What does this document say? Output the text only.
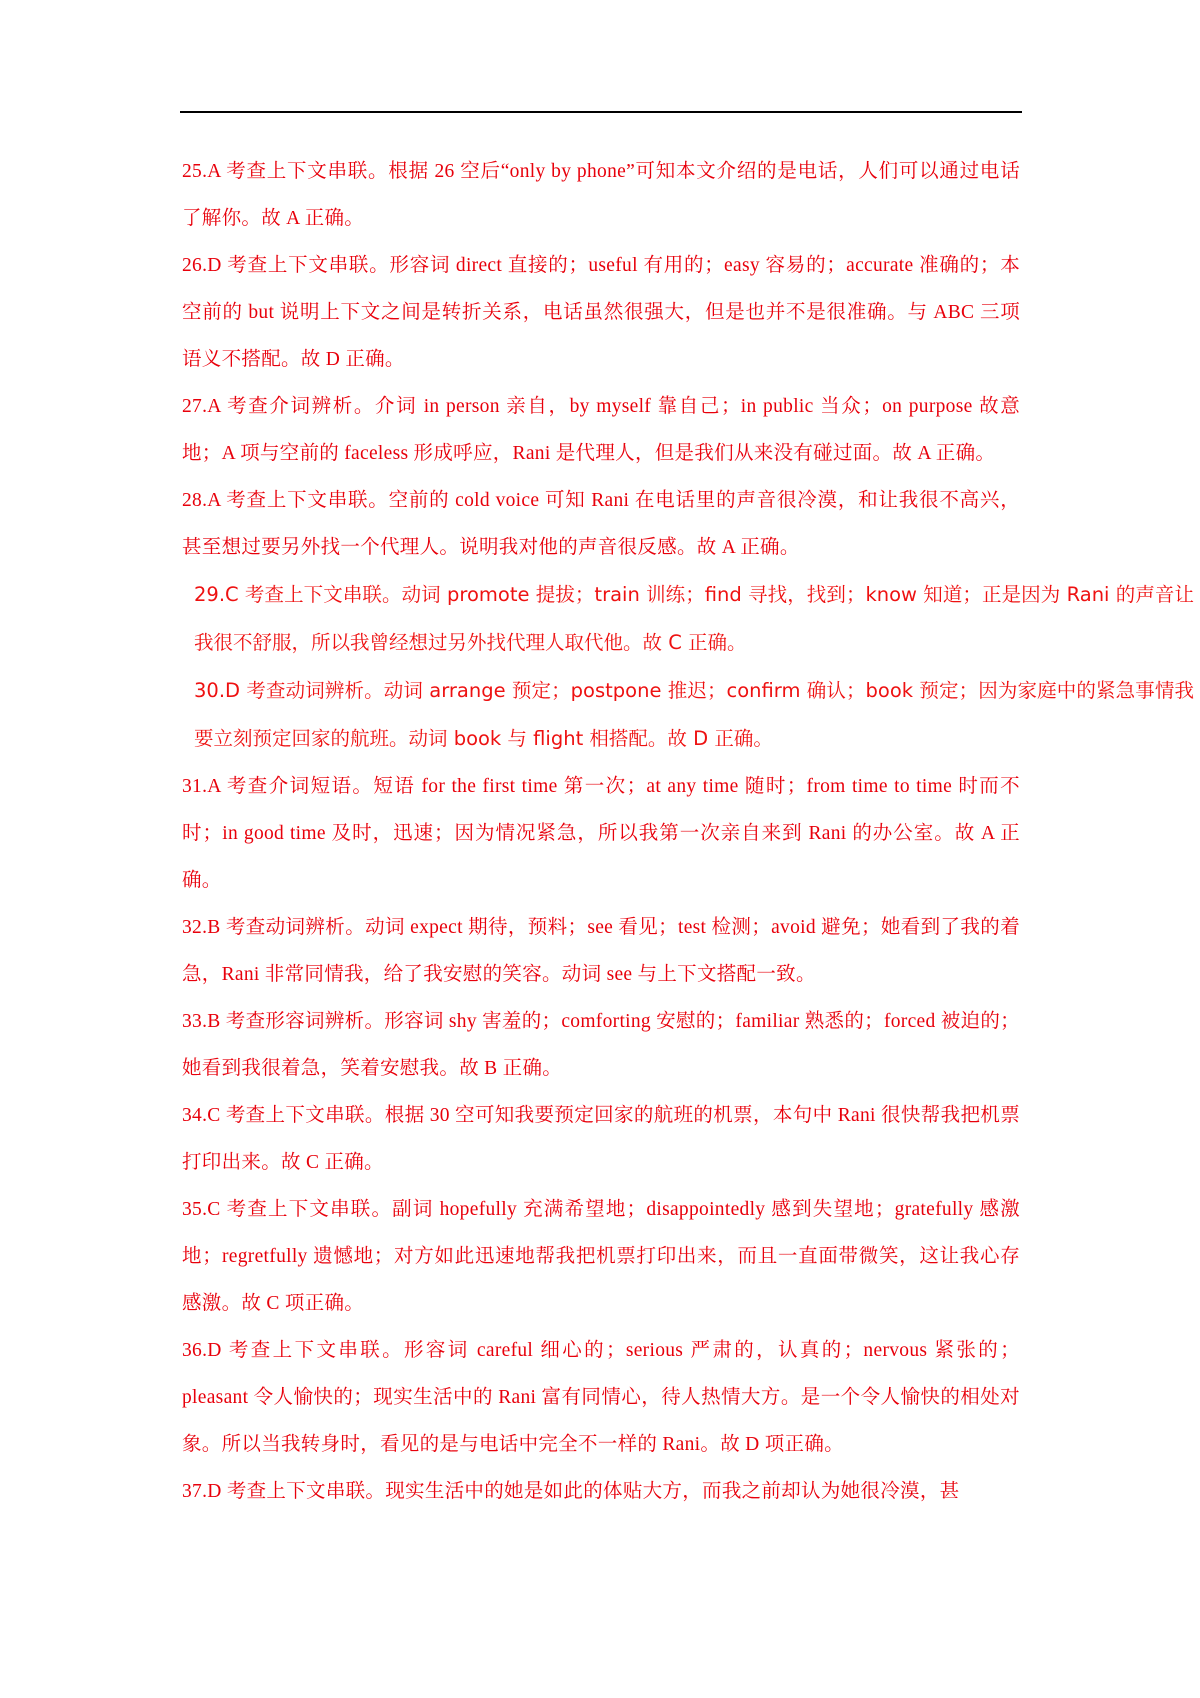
25.A 考查上下文串联。根据 26 空后“only by phone”可知本文介绍的是电话，人们可以通过电话了解你。故 A 正确。

26.D 考查上下文串联。形容词 direct 直接的；useful 有用的；easy 容易的；accurate 准确的；本空前的 but 说明上下文之间是转折关系，电话虽然很强大，但是也并不是很准确。与 ABC 三项语义不搭配。故 D 正确。

27.A 考查介词辨析。介词 in person 亲自，by myself 靠自己；in public 当众；on purpose 故意地；A 项与空前的 faceless 形成呼应，Rani 是代理人，但是我们从来没有碰过面。故 A 正确。

28.A 考查上下文串联。空前的 cold voice 可知 Rani 在电话里的声音很冷漠，和让我很不高兴，甚至想过要另外找一个代理人。说明我对他的声音很反感。故 A 正确。

29.C 考查上下文串联。动词 promote 提拔；train 训练；find 寻找，找到；know 知道；正是因为 Rani 的声音让我很不舒服，所以我曾经想过另外找代理人取代他。故 C 正确。

30.D 考查动词辨析。动词 arrange 预定；postpone 推迟；confirm 确认；book 预定；因为家庭中的紧急事情我要立刻预定回家的航班。动词 book 与 flight 相搭配。故 D 正确。

31.A 考查介词短语。短语 for the first time 第一次；at any time 随时；from time to time 时而不时；in good time 及时，迅速；因为情况紧急，所以我第一次亲自来到 Rani 的办公室。故 A 正确。

32.B 考查动词辨析。动词 expect 期待，预料；see 看见；test 检测；avoid 避免；她看到了我的着急，Rani 非常同情我，给了我安慰的笑容。动词 see 与上下文搭配一致。

33.B 考查形容词辨析。形容词 shy 害羞的；comforting 安慰的；familiar 熟悉的；forced 被迫的；她看到我很着急，笑着安慰我。故 B 正确。

34.C 考查上下文串联。根据 30 空可知我要预定回家的航班的机票，本句中 Rani 很快帮我把机票打印出来。故 C 正确。

35.C 考查上下文串联。副词 hopefully 充满希望地；disappointedly 感到失望地；gratefully 感激地；regretfully 遗憾地；对方如此迅速地帮我把机票打印出来，而且一直面带微笑，这让我心存感激。故 C 项正确。

36.D 考查上下文串联。形容词 careful 细心的；serious 严肃的，认真的；nervous 紧张的；pleasant 令人愉快的；现实生活中的 Rani 富有同情心，待人热情大方。是一个令人愉快的相处对象。所以当我转身时，看见的是与电话中完全不一样的 Rani。故 D 项正确。

37.D 考查上下文串联。现实生活中的她是如此的体贴大方，而我之前却认为她很冷漠，甚
